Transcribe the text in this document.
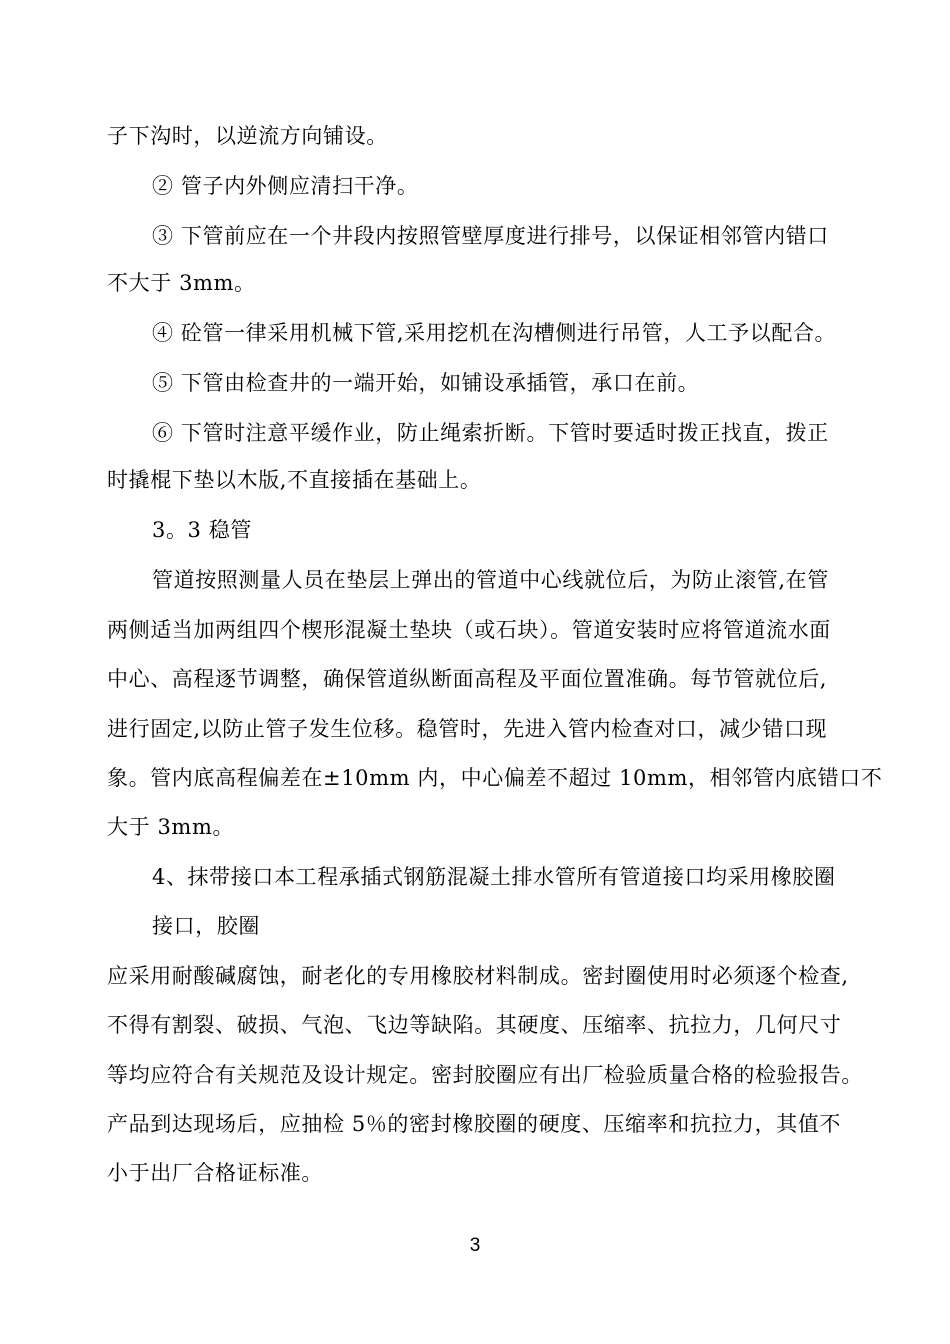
子下沟时，以逆流方向铺设。
② 管子内外侧应清扫干净。
③ 下管前应在一个井段内按照管壁厚度进行排号，以保证相邻管内错口
不大于 3mm。
④ 砼管一律采用机械下管,采用挖机在沟槽侧进行吊管，人工予以配合。
⑤ 下管由检查井的一端开始，如铺设承插管，承口在前。
⑥ 下管时注意平缓作业，防止绳索折断。下管时要适时拨正找直，拨正
时撬棍下垫以木版,不直接插在基础上。
3。3 稳管
管道按照测量人员在垫层上弹出的管道中心线就位后，为防止滚管,在管
两侧适当加两组四个楔形混凝土垫块（或石块）。管道安装时应将管道流水面
中心、高程逐节调整，确保管道纵断面高程及平面位置准确。每节管就位后,
进行固定,以防止管子发生位移。稳管时，先进入管内检查对口，减少错口现
象。管内底高程偏差在±10mm 内，中心偏差不超过 10mm，相邻管内底错口不
大于 3mm。
4、抹带接口本工程承插式钢筋混凝土排水管所有管道接口均采用橡胶圈
接口，胶圈
应采用耐酸碱腐蚀，耐老化的专用橡胶材料制成。密封圈使用时必须逐个检查,
不得有割裂、破损、气泡、飞边等缺陷。其硬度、压缩率、抗拉力，几何尺寸
等均应符合有关规范及设计规定。密封胶圈应有出厂检验质量合格的检验报告。
产品到达现场后，应抽检 5％的密封橡胶圈的硬度、压缩率和抗拉力，其值不
小于出厂合格证标准。
3
